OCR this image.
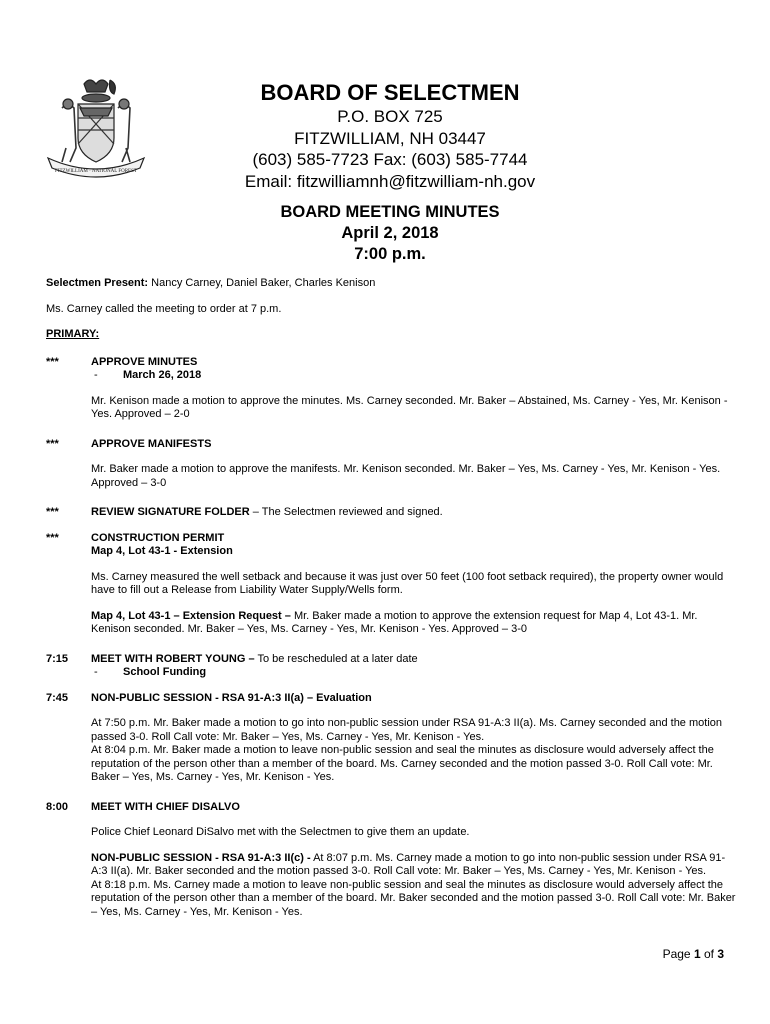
FITZWILLIAM · NATIONAL FOREST
BOARD OF SELECTMEN
P.O. BOX 725
FITZWILLIAM, NH 03447
(603) 585-7723 Fax: (603) 585-7744
Email: fitzwilliamnh@fitzwilliam-nh.gov
BOARD MEETING MINUTES
April 2, 2018
7:00 p.m.

Selectmen Present: Nancy Carney, Daniel Baker, Charles Kenison

Ms. Carney called the meeting to order at 7 p.m.

PRIMARY:

***	APPROVE MINUTES
- March 26, 2018
Mr. Kenison made a motion to approve the minutes. Ms. Carney seconded. Mr. Baker – Abstained, Ms. Carney - Yes, Mr. Kenison - Yes. Approved – 2-0
***	APPROVE MANIFESTS
Mr. Baker made a motion to approve the manifests. Mr. Kenison seconded. Mr. Baker – Yes, Ms. Carney - Yes, Mr. Kenison - Yes. Approved – 3-0
***	REVIEW SIGNATURE FOLDER – The Selectmen reviewed and signed.
***	CONSTRUCTION PERMIT
Map 4, Lot 43-1 - Extension
Ms. Carney measured the well setback and because it was just over 50 feet (100 foot setback required), the property owner would have to fill out a Release from Liability Water Supply/Wells form.
Map 4, Lot 43-1 – Extension Request – Mr. Baker made a motion to approve the extension request for Map 4, Lot 43-1. Mr. Kenison seconded. Mr. Baker – Yes, Ms. Carney - Yes, Mr. Kenison - Yes. Approved – 3-0
7:15	MEET WITH ROBERT YOUNG – To be rescheduled at a later date
- School Funding
7:45	NON-PUBLIC SESSION - RSA 91-A:3 II(a) – Evaluation
At 7:50 p.m. Mr. Baker made a motion to go into non-public session under RSA 91-A:3 II(a). Ms. Carney seconded and the motion passed 3-0. Roll Call vote: Mr. Baker – Yes, Ms. Carney - Yes, Mr. Kenison - Yes.
At 8:04 p.m. Mr. Baker made a motion to leave non-public session and seal the minutes as disclosure would adversely affect the reputation of the person other than a member of the board. Ms. Carney seconded and the motion passed 3-0. Roll Call vote: Mr. Baker – Yes, Ms. Carney - Yes, Mr. Kenison - Yes.
8:00	MEET WITH CHIEF DISALVO
Police Chief Leonard DiSalvo met with the Selectmen to give them an update.
NON-PUBLIC SESSION - RSA 91-A:3 II(c) - At 8:07 p.m. Ms. Carney made a motion to go into non-public session under RSA 91-A:3 II(a). Mr. Baker seconded and the motion passed 3-0. Roll Call vote: Mr. Baker – Yes, Ms. Carney - Yes, Mr. Kenison - Yes.
At 8:18 p.m. Ms. Carney made a motion to leave non-public session and seal the minutes as disclosure would adversely affect the reputation of the person other than a member of the board. Mr. Baker seconded and the motion passed 3-0. Roll Call vote: Mr. Baker – Yes, Ms. Carney - Yes, Mr. Kenison - Yes.
Page 1 of 3
